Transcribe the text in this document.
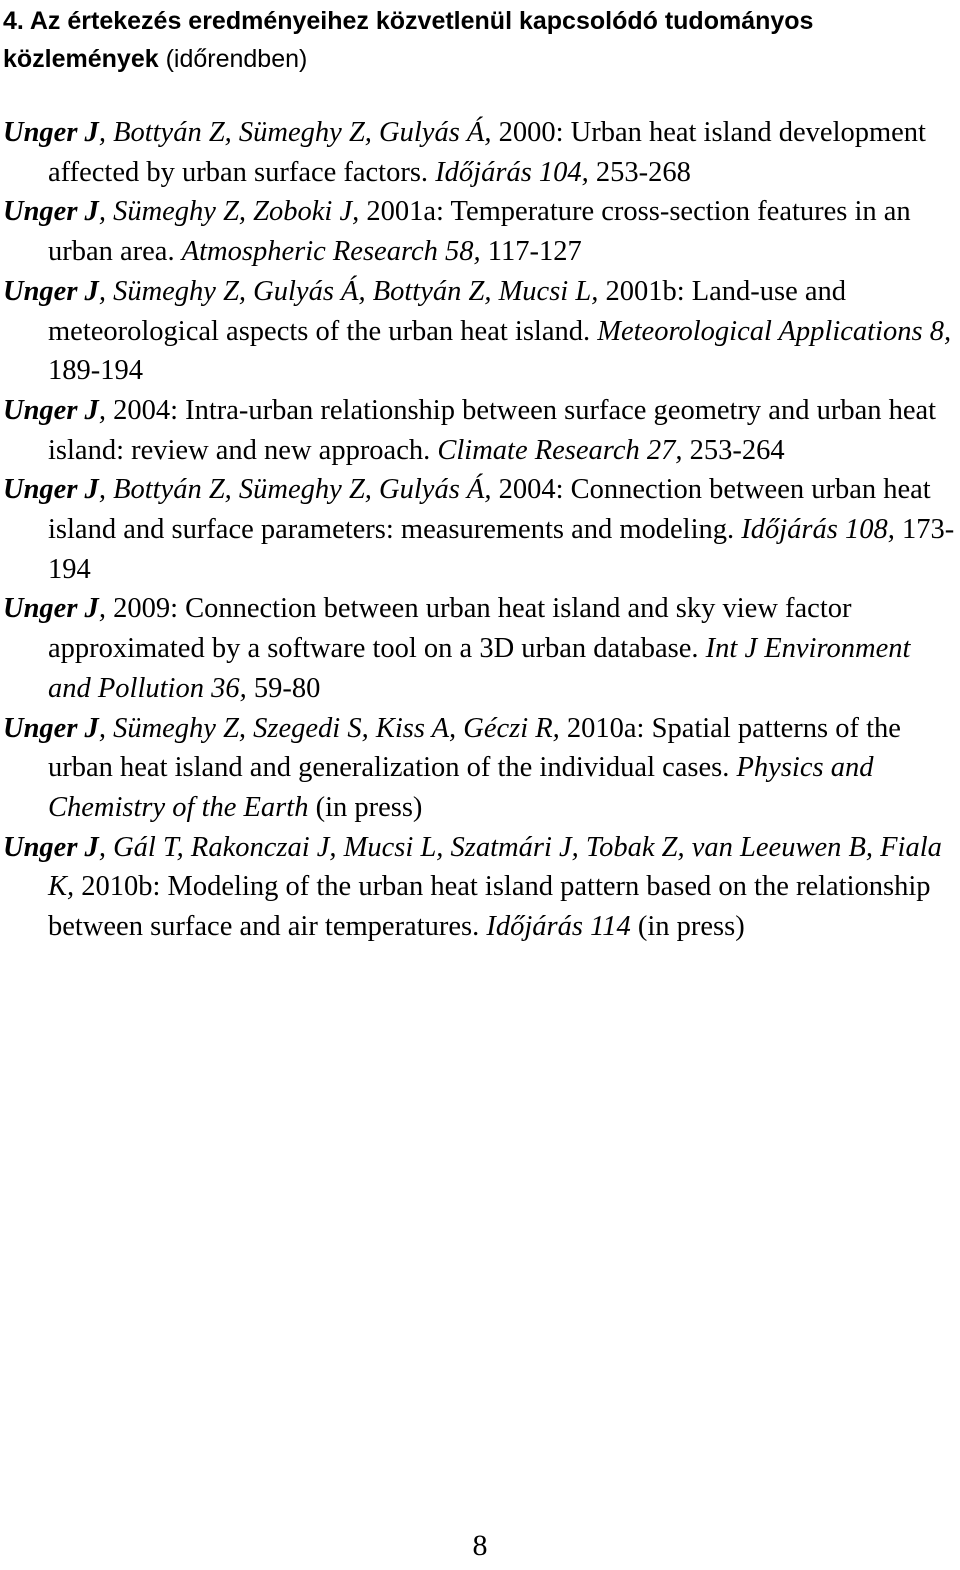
4. Az értekezés eredményeihez közvetlenül kapcsolódó tudományos közlemények (időrendben)

Unger J, Bottyán Z, Sümeghy Z, Gulyás Á, 2000: Urban heat island development affected by urban surface factors. Időjárás 104, 253-268

Unger J, Sümeghy Z, Zoboki J, 2001a: Temperature cross-section features in an urban area. Atmospheric Research 58, 117-127

Unger J, Sümeghy Z, Gulyás Á, Bottyán Z, Mucsi L, 2001b: Land-use and meteorological aspects of the urban heat island. Meteorological Applications 8, 189-194

Unger J, 2004: Intra-urban relationship between surface geometry and urban heat island: review and new approach. Climate Research 27, 253-264

Unger J, Bottyán Z, Sümeghy Z, Gulyás Á, 2004: Connection between urban heat island and surface parameters: measurements and modeling. Időjárás 108, 173-194

Unger J, 2009: Connection between urban heat island and sky view factor approximated by a software tool on a 3D urban database. Int J Environment and Pollution 36, 59-80

Unger J, Sümeghy Z, Szegedi S, Kiss A, Géczi R, 2010a: Spatial patterns of the urban heat island and generalization of the individual cases. Physics and Chemistry of the Earth (in press)

Unger J, Gál T, Rakonczai J, Mucsi L, Szatmári J, Tobak Z, van Leeuwen B, Fiala K, 2010b: Modeling of the urban heat island pattern based on the relationship between surface and air temperatures. Időjárás 114 (in press)

8
